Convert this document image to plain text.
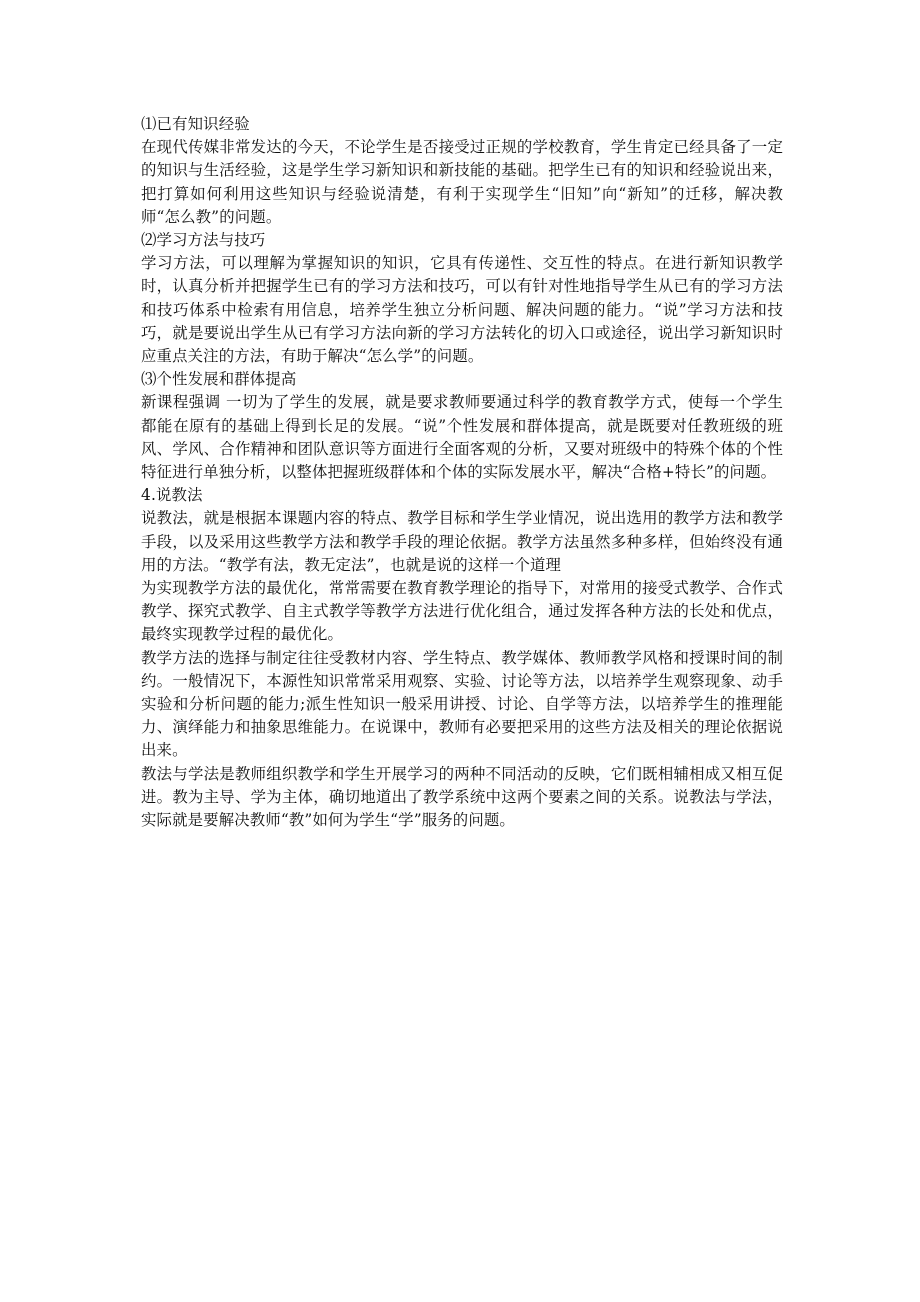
⑴已有知识经验

在现代传媒非常发达的今天，不论学生是否接受过正规的学校教育，学生肯定已经具备了一定的知识与生活经验，这是学生学习新知识和新技能的基础。把学生已有的知识和经验说出来，把打算如何利用这些知识与经验说清楚，有利于实现学生“旧知”向“新知”的迁移，解决教师“怎么教”的问题。

⑵学习方法与技巧

学习方法，可以理解为掌握知识的知识，它具有传递性、交互性的特点。在进行新知识教学时，认真分析并把握学生已有的学习方法和技巧，可以有针对性地指导学生从已有的学习方法和技巧体系中检索有用信息，培养学生独立分析问题、解决问题的能力。“说”学习方法和技巧，就是要说出学生从已有学习方法向新的学习方法转化的切入口或途径，说出学习新知识时应重点关注的方法，有助于解决“怎么学”的问题。

⑶个性发展和群体提高

新课程强调 一切为了学生的发展，就是要求教师要通过科学的教育教学方式，使每一个学生都能在原有的基础上得到长足的发展。“说”个性发展和群体提高，就是既要对任教班级的班风、学风、合作精神和团队意识等方面进行全面客观的分析，又要对班级中的特殊个体的个性特征进行单独分析，以整体把握班级群体和个体的实际发展水平，解决“合格+特长”的问题。

4.说教法

说教法，就是根据本课题内容的特点、教学目标和学生学业情况，说出选用的教学方法和教学手段，以及采用这些教学方法和教学手段的理论依据。教学方法虽然多种多样，但始终没有通用的方法。“教学有法，教无定法”，也就是说的这样一个道理

为实现教学方法的最优化，常常需要在教育教学理论的指导下，对常用的接受式教学、合作式教学、探究式教学、自主式教学等教学方法进行优化组合，通过发挥各种方法的长处和优点，最终实现教学过程的最优化。

教学方法的选择与制定往往受教材内容、学生特点、教学媒体、教师教学风格和授课时间的制约。一般情况下，本源性知识常常采用观察、实验、讨论等方法，以培养学生观察现象、动手实验和分析问题的能力;派生性知识一般采用讲授、讨论、自学等方法，以培养学生的推理能力、演绎能力和抽象思维能力。在说课中，教师有必要把采用的这些方法及相关的理论依据说出来。

教法与学法是教师组织教学和学生开展学习的两种不同活动的反映，它们既相辅相成又相互促进。教为主导、学为主体，确切地道出了教学系统中这两个要素之间的关系。说教法与学法，实际就是要解决教师“教”如何为学生“学”服务的问题。
